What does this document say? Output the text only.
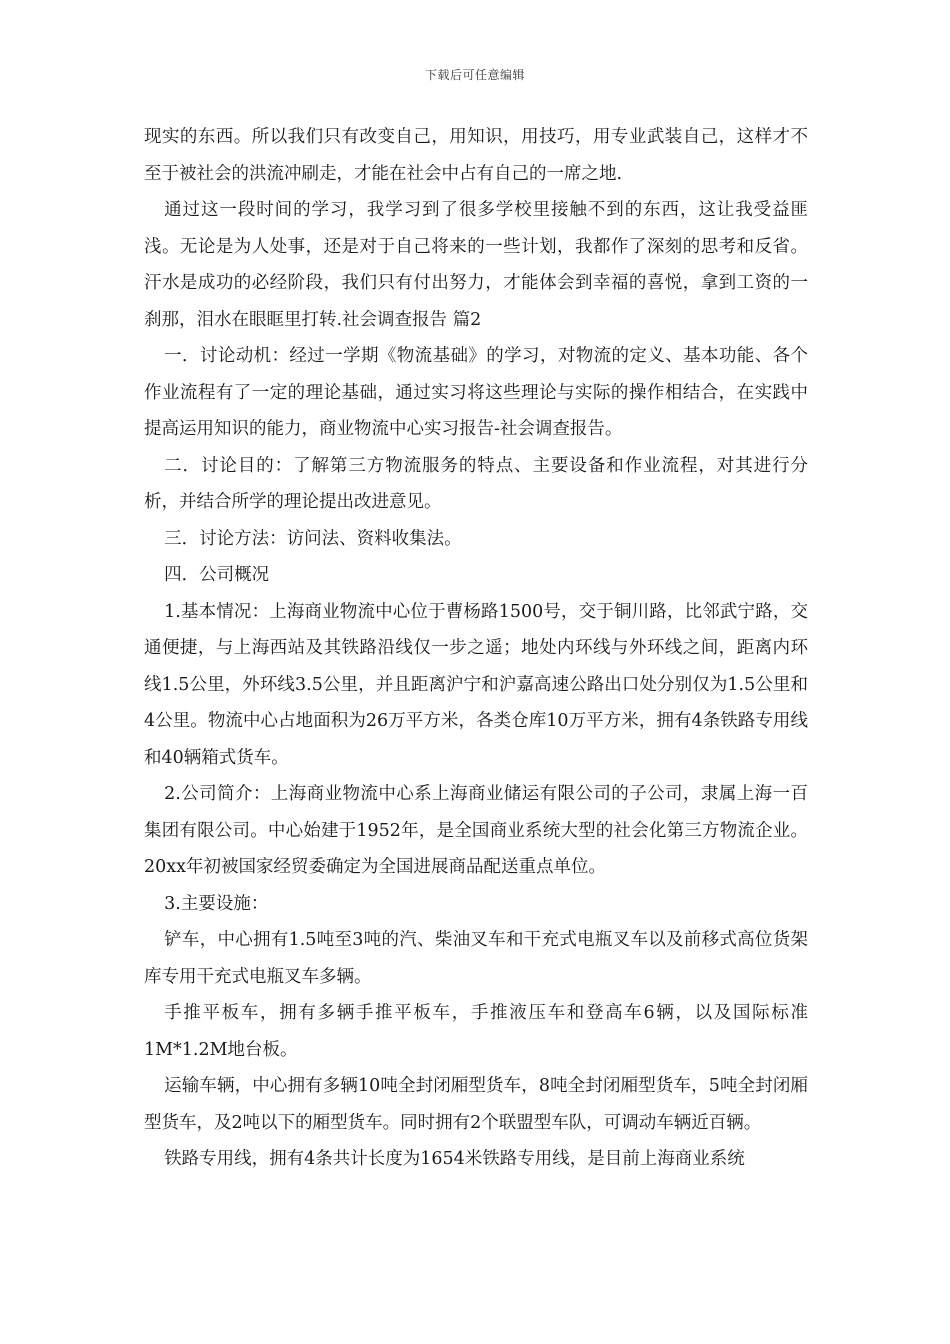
下载后可任意编辑

现实的东西。所以我们只有改变自己，用知识，用技巧，用专业武装自己，这样才不至于被社会的洪流冲刷走，才能在社会中占有自己的一席之地.

通过这一段时间的学习，我学习到了很多学校里接触不到的东西，这让我受益匪浅。无论是为人处事，还是对于自己将来的一些计划，我都作了深刻的思考和反省。汗水是成功的必经阶段，我们只有付出努力，才能体会到幸福的喜悦，拿到工资的一刹那，泪水在眼眶里打转.社会调查报告 篇2

一．讨论动机：经过一学期《物流基础》的学习，对物流的定义、基本功能、各个作业流程有了一定的理论基础，通过实习将这些理论与实际的操作相结合，在实践中提高运用知识的能力，商业物流中心实习报告-社会调查报告。

二．讨论目的：了解第三方物流服务的特点、主要设备和作业流程，对其进行分析，并结合所学的理论提出改进意见。

三．讨论方法：访问法、资料收集法。

四．公司概况

1.基本情况：上海商业物流中心位于曹杨路1500号，交于铜川路，比邻武宁路，交通便捷，与上海西站及其铁路沿线仅一步之遥；地处内环线与外环线之间，距离内环线1.5公里，外环线3.5公里，并且距离沪宁和沪嘉高速公路出口处分别仅为1.5公里和4公里。物流中心占地面积为26万平方米，各类仓库10万平方米，拥有4条铁路专用线和40辆箱式货车。

2.公司简介：上海商业物流中心系上海商业储运有限公司的子公司，隶属上海一百集团有限公司。中心始建于1952年，是全国商业系统大型的社会化第三方物流企业。20xx年初被国家经贸委确定为全国进展商品配送重点单位。

3.主要设施：

铲车，中心拥有1.5吨至3吨的汽、柴油叉车和干充式电瓶叉车以及前移式高位货架库专用干充式电瓶叉车多辆。

手推平板车，拥有多辆手推平板车，手推液压车和登高车6辆，以及国际标准1M*1.2M地台板。

运输车辆，中心拥有多辆10吨全封闭厢型货车，8吨全封闭厢型货车，5吨全封闭厢型货车，及2吨以下的厢型货车。同时拥有2个联盟型车队，可调动车辆近百辆。

铁路专用线，拥有4条共计长度为1654米铁路专用线，是目前上海商业系统
